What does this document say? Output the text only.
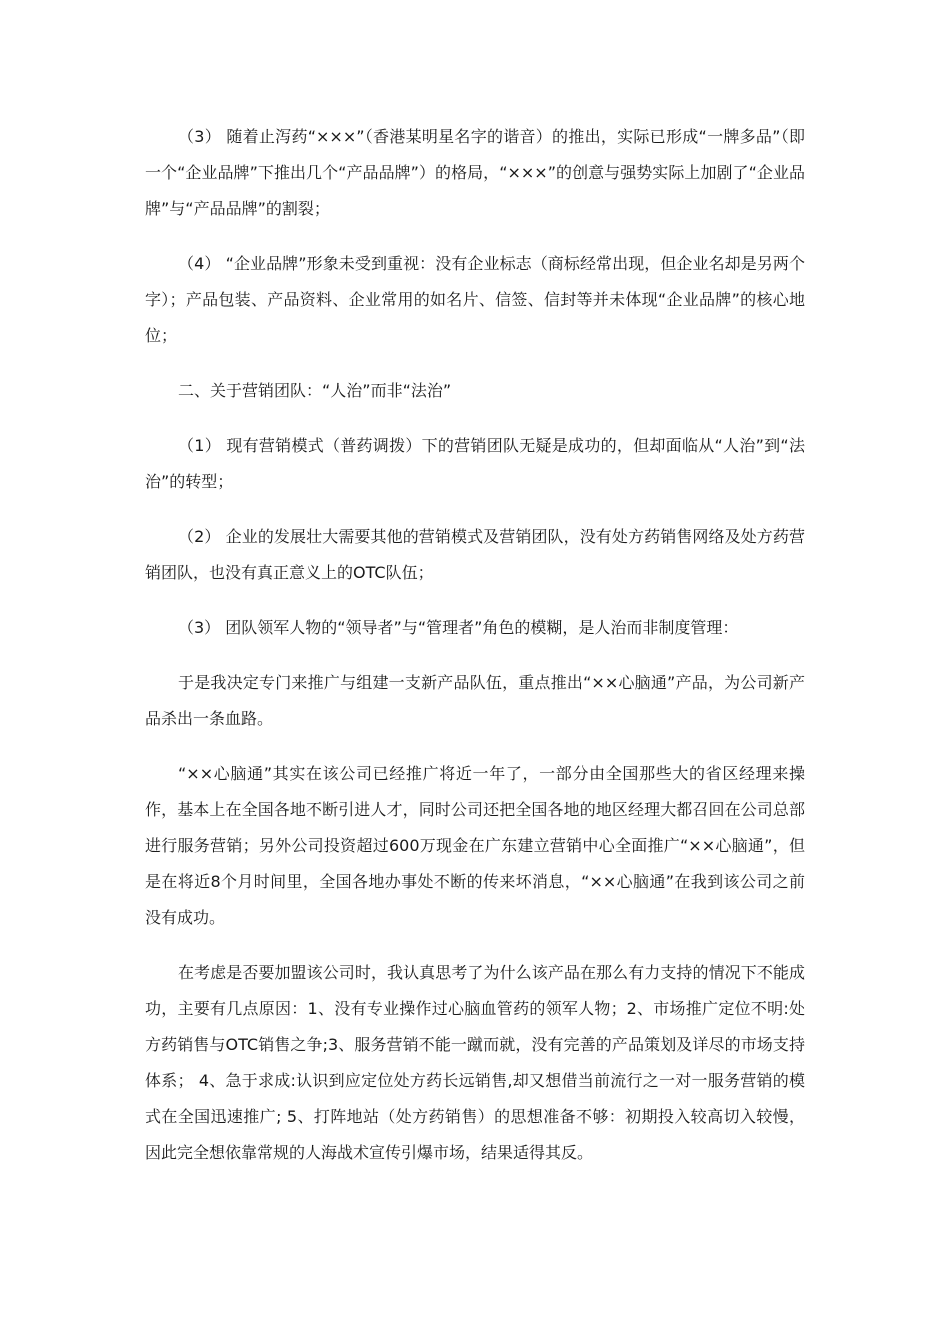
（3） 随着止泻药“×××”（香港某明星名字的谐音）的推出，实际已形成“一牌多品”（即一个“企业品牌”下推出几个“产品品牌”）的格局，“×××”的创意与强势实际上加剧了“企业品牌”与“产品品牌”的割裂；

（4） “企业品牌”形象未受到重视：没有企业标志（商标经常出现，但企业名却是另两个字）；产品包装、产品资料、企业常用的如名片、信签、信封等并未体现“企业品牌”的核心地位；

二、关于营销团队：“人治”而非“法治”

（1） 现有营销模式（普药调拨）下的营销团队无疑是成功的，但却面临从“人治”到“法治”的转型；

（2） 企业的发展壮大需要其他的营销模式及营销团队，没有处方药销售网络及处方药营销团队，也没有真正意义上的OTC队伍；

（3） 团队领军人物的“领导者”与“管理者”角色的模糊，是人治而非制度管理：

于是我决定专门来推广与组建一支新产品队伍，重点推出“××心脑通”产品，为公司新产品杀出一条血路。

“××心脑通”其实在该公司已经推广将近一年了，一部分由全国那些大的省区经理来操作，基本上在全国各地不断引进人才，同时公司还把全国各地的地区经理大都召回在公司总部进行服务营销；另外公司投资超过600万现金在广东建立营销中心全面推广“××心脑通”，但是在将近8个月时间里，全国各地办事处不断的传来坏消息，“××心脑通”在我到该公司之前没有成功。

在考虑是否要加盟该公司时，我认真思考了为什么该产品在那么有力支持的情况下不能成功，主要有几点原因：1、没有专业操作过心脑血管药的领军人物；2、市场推广定位不明:处方药销售与OTC销售之争;3、服务营销不能一蹴而就，没有完善的产品策划及详尽的市场支持体系； 4、急于求成:认识到应定位处方药长远销售,却又想借当前流行之一对一服务营销的模式在全国迅速推广; 5、打阵地站（处方药销售）的思想准备不够：初期投入较高切入较慢，因此完全想依靠常规的人海战术宣传引爆市场，结果适得其反。
